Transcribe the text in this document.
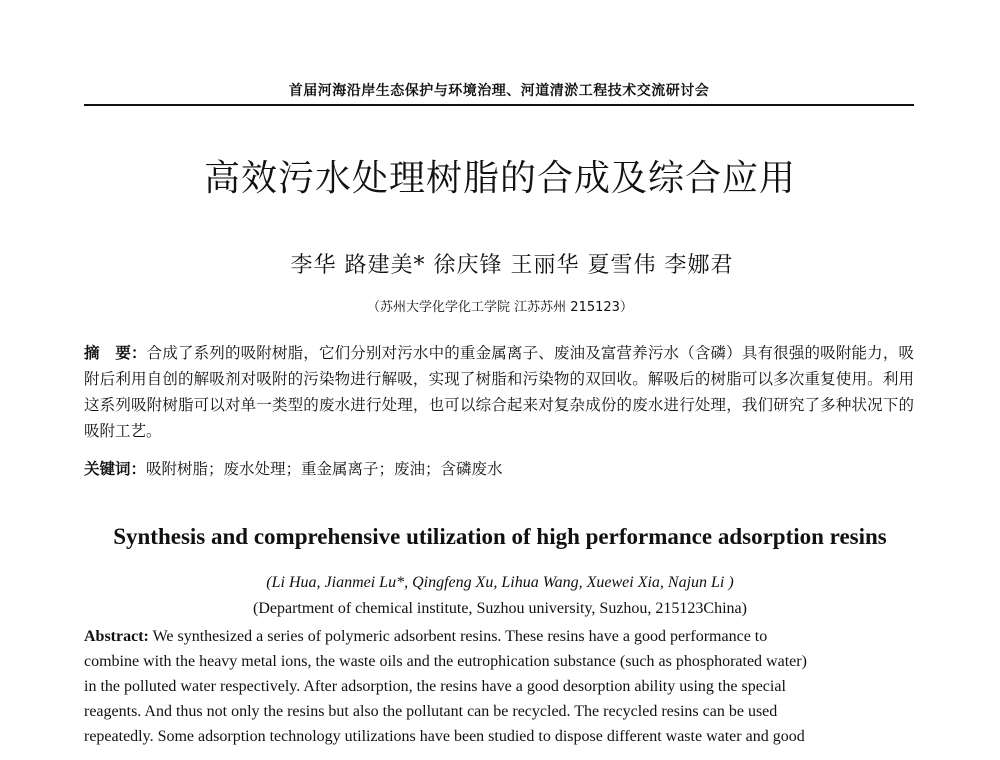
首届河海沿岸生态保护与环境治理、河道清淤工程技术交流研讨会
高效污水处理树脂的合成及综合应用
李华 路建美* 徐庆锋 王丽华 夏雪伟 李娜君
（苏州大学化学化工学院 江苏苏州 215123）
摘　要：合成了系列的吸附树脂，它们分别对污水中的重金属离子、废油及富营养污水（含磷）具有很强的吸附能力，吸附后利用自创的解吸剂对吸附的污染物进行解吸，实现了树脂和污染物的双回收。解吸后的树脂可以多次重复使用。利用这系列吸附树脂可以对单一类型的废水进行处理，也可以综合起来对复杂成份的废水进行处理，我们研究了多种状况下的吸附工艺。
关键词：吸附树脂；废水处理；重金属离子；废油；含磷废水
Synthesis and comprehensive utilization of high performance adsorption resins
(Li Hua, Jianmei Lu*, Qingfeng Xu, Lihua Wang, Xuewei Xia, Najun Li )
(Department of chemical institute, Suzhou university, Suzhou, 215123China)
Abstract: We synthesized a series of polymeric adsorbent resins. These resins have a good performance to
combine with the heavy metal ions, the waste oils and the eutrophication substance (such as phosphorated water)
in the polluted water respectively. After adsorption, the resins have a good desorption ability using the special
reagents. And thus not only the resins but also the pollutant can be recycled. The recycled resins can be used
repeatedly. Some adsorption technology utilizations have been studied to dispose different waste water and good
